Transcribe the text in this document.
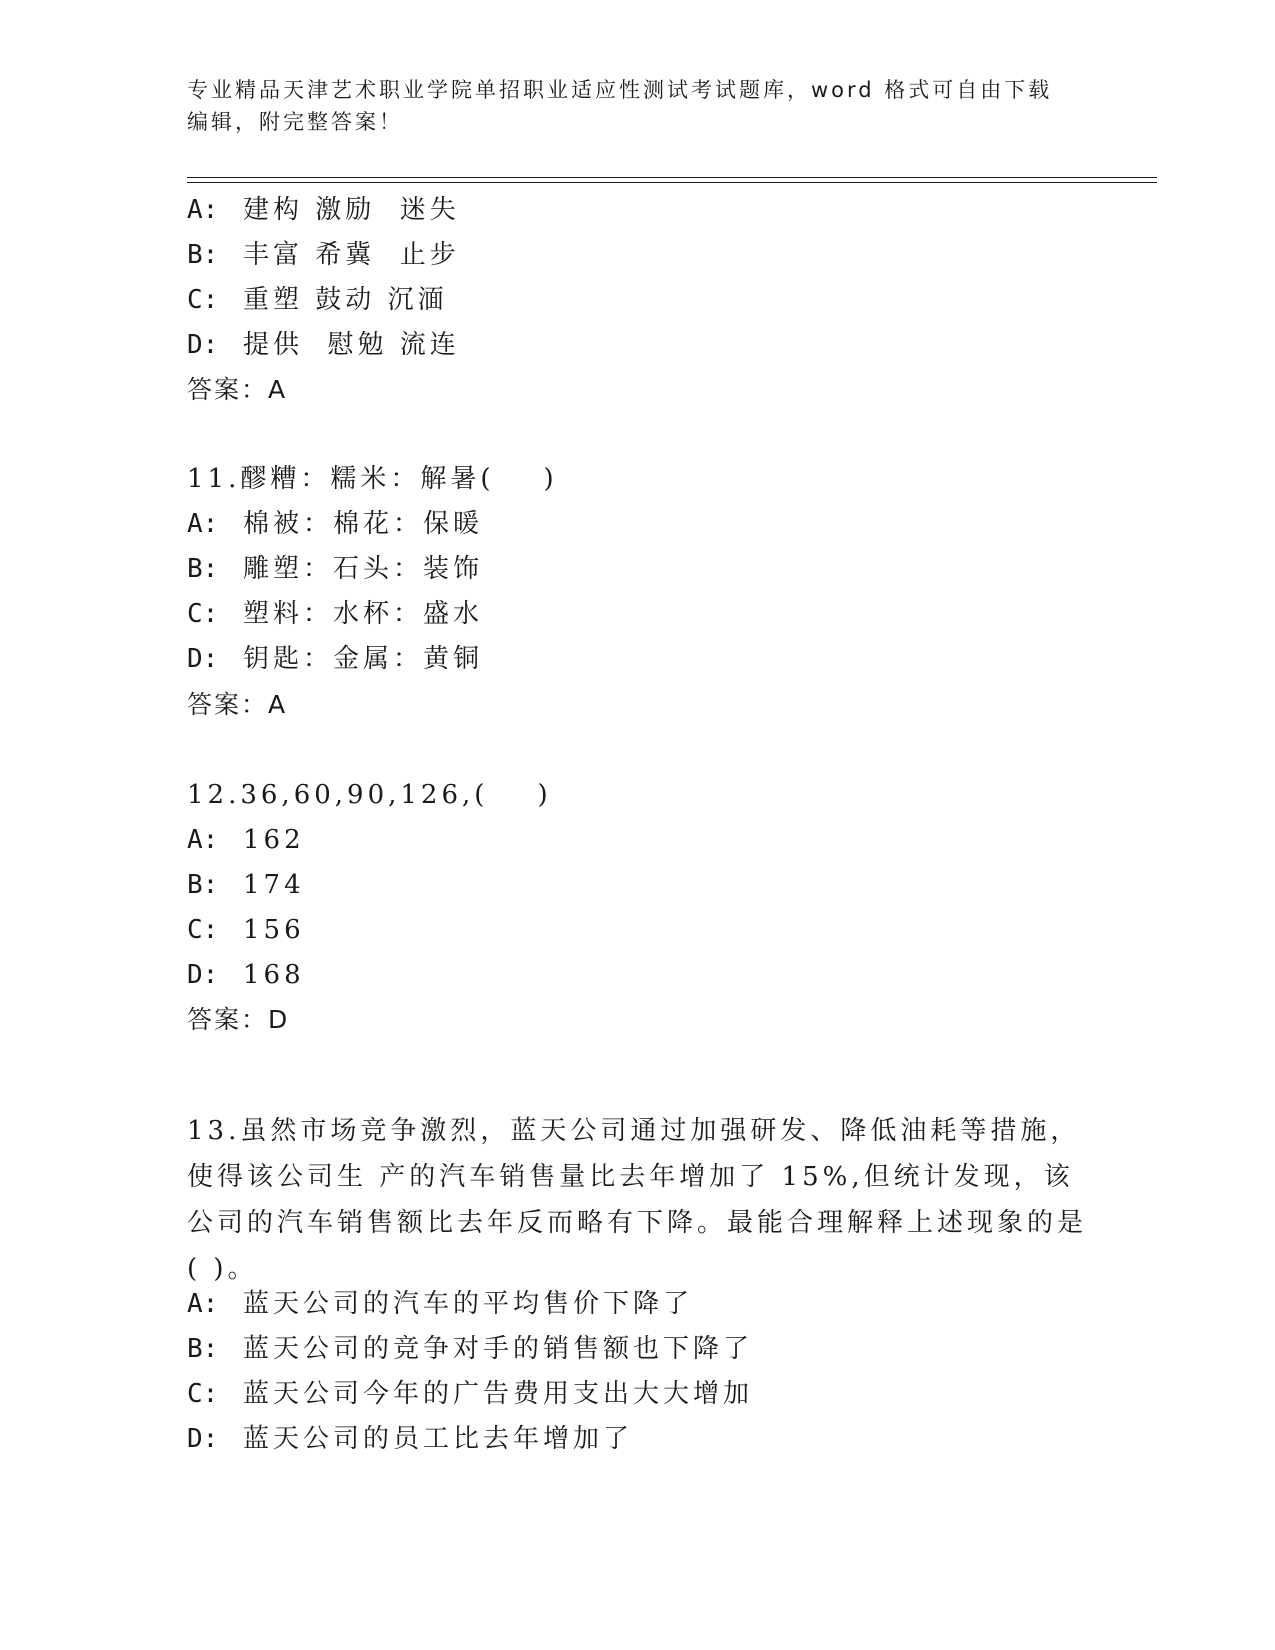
专业精品天津艺术职业学院单招职业适应性测试考试题库，word 格式可自由下载编辑，附完整答案！
A: 建构 激励  迷失
B: 丰富 希冀  止步
C: 重塑 鼓动 沉湎
D: 提供  慰勉 流连
答案：A
11.醪糟：糯米：解暑(    )
A: 棉被：棉花：保暖
B: 雕塑：石头：装饰
C: 塑料：水杯：盛水
D: 钥匙：金属：黄铜
答案：A
12.36,60,90,126,(    )
A: 162
B: 174
C: 156
D: 168
答案：D
13.虽然市场竞争激烈，蓝天公司通过加强研发、降低油耗等措施，使得该公司生 产的汽车销售量比去年增加了 15%,但统计发现，该公司的汽车销售额比去年反而略有下降。最能合理解释上述现象的是( )。
A: 蓝天公司的汽车的平均售价下降了
B: 蓝天公司的竞争对手的销售额也下降了
C: 蓝天公司今年的广告费用支出大大增加
D: 蓝天公司的员工比去年增加了
